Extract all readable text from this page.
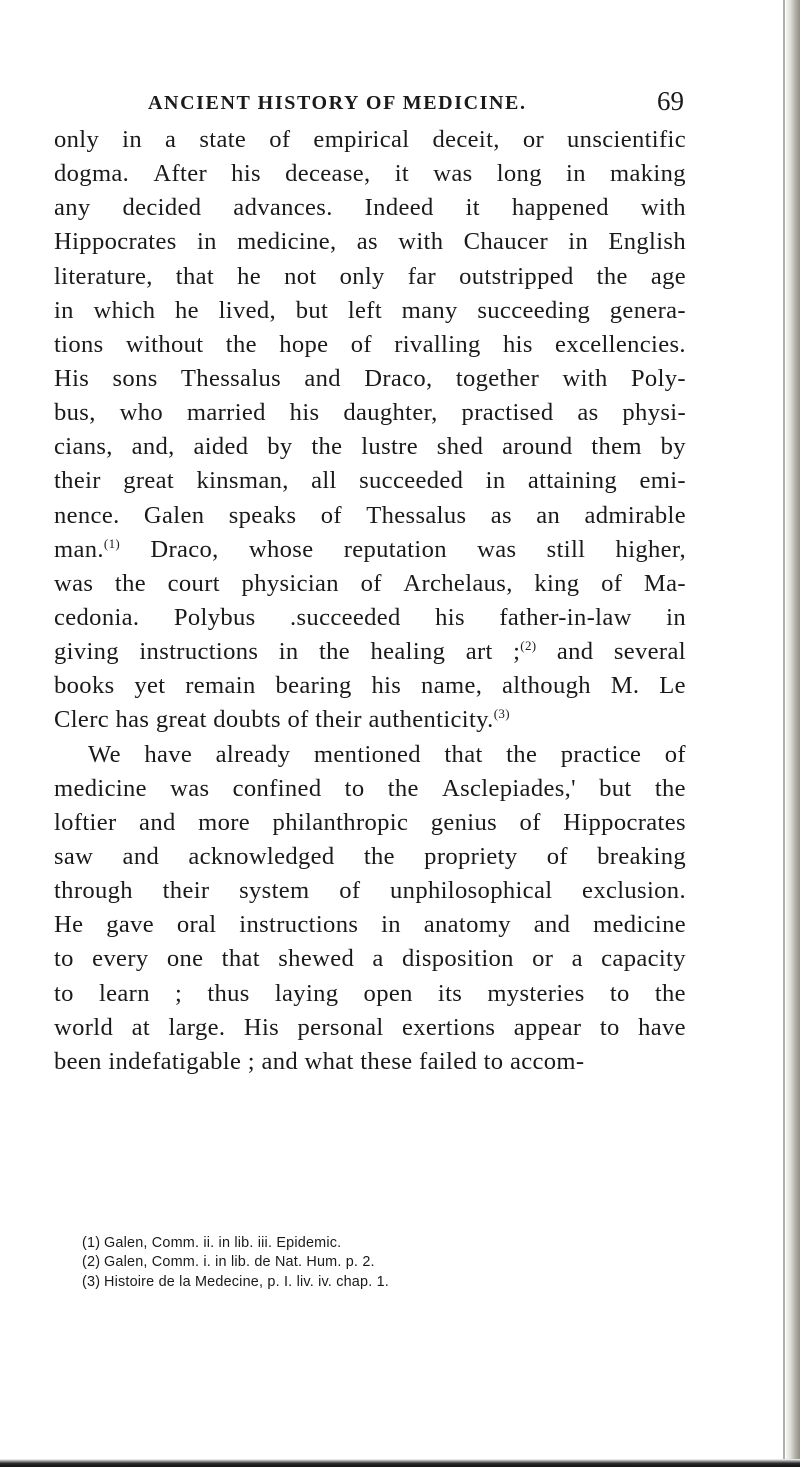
ANCIENT HISTORY OF MEDICINE.	69
only in a state of empirical deceit, or unscientific
dogma. After his decease, it was long in making
any decided advances. Indeed it happened with
Hippocrates in medicine, as with Chaucer in English
literature, that he not only far outstripped the age
in which he lived, but left many succeeding genera-
tions without the hope of rivalling his excellencies.
His sons Thessalus and Draco, together with Poly-
bus, who married his daughter, practised as physi-
cians, and, aided by the lustre shed around them by
their great kinsman, all succeeded in attaining emi-
nence. Galen speaks of Thessalus as an admirable
man.$^{(1)}$ Draco, whose reputation was still higher,
was the court physician of Archelaus, king of Ma-
cedonia. Polybus .succeeded his father-in-law in
giving instructions in the healing art ;$^{(2)}$ and several
books yet remain bearing his name, although M. Le
Clerc
has
great
doubts
of
their
authenticity.$^{(3)}$

We have already mentioned that the practice of
medicine was confined to the Asclepiades,' but the
loftier and more philanthropic genius of Hippocrates
saw and acknowledged the propriety of breaking
through their system of unphilosophical exclusion.
He gave oral instructions in anatomy and medicine
to every one that shewed a disposition or a capacity
to learn ; thus laying open its mysteries to the
world at large. His personal exertions appear to have
been
indefatigable
;
and
what
these
failed
to
accom-

(1) Galen, Comm. ii. in lib. iii. Epidemic.
(2) Galen, Comm. i. in lib. de Nat. Hum. p. 2.
(3) Histoire de la Medecine, p. I. liv. iv. chap. 1.
